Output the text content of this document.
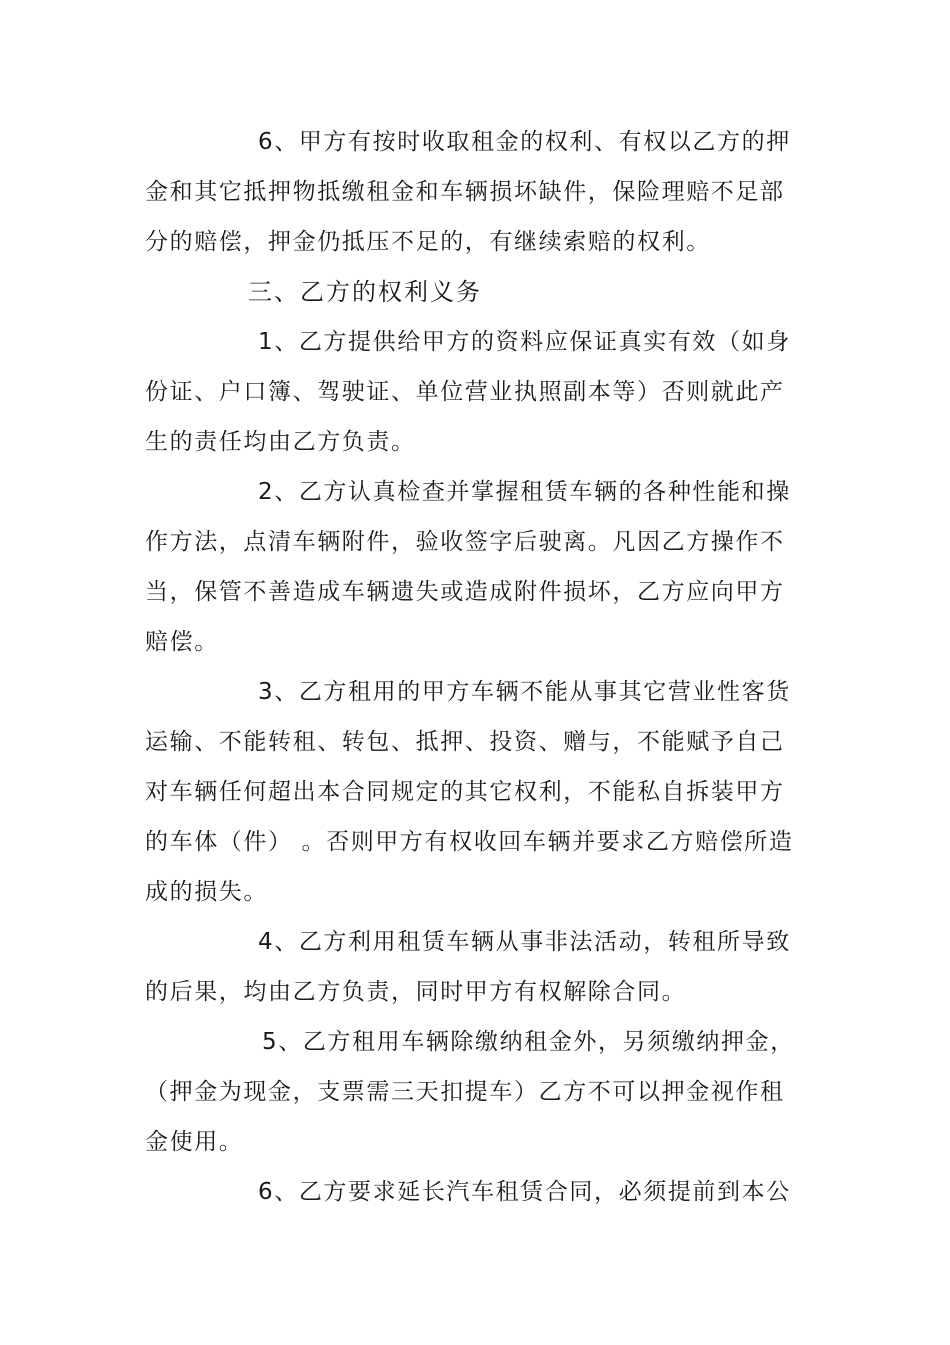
6、甲方有按时收取租金的权利、有权以乙方的押
金和其它抵押物抵缴租金和车辆损坏缺件，保险理赔不足部
分的赔偿，押金仍抵压不足的，有继续索赔的权利。
三、乙方的权利义务
1、乙方提供给甲方的资料应保证真实有效（如身
份证、户口簿、驾驶证、单位营业执照副本等）否则就此产
生的责任均由乙方负责。
2、乙方认真检查并掌握租赁车辆的各种性能和操
作方法，点清车辆附件，验收签字后驶离。凡因乙方操作不
当，保管不善造成车辆遗失或造成附件损坏，乙方应向甲方
赔偿。
3、乙方租用的甲方车辆不能从事其它营业性客货
运输、不能转租、转包、抵押、投资、赠与，不能赋予自己
对车辆任何超出本合同规定的其它权利，不能私自拆装甲方
的车体（件） 。否则甲方有权收回车辆并要求乙方赔偿所造
成的损失。
4、乙方利用租赁车辆从事非法活动，转租所导致
的后果，均由乙方负责，同时甲方有权解除合同。
5、乙方租用车辆除缴纳租金外，另须缴纳押金，
（押金为现金，支票需三天扣提车）乙方不可以押金视作租
金使用。
6、乙方要求延长汽车租赁合同，必须提前到本公
